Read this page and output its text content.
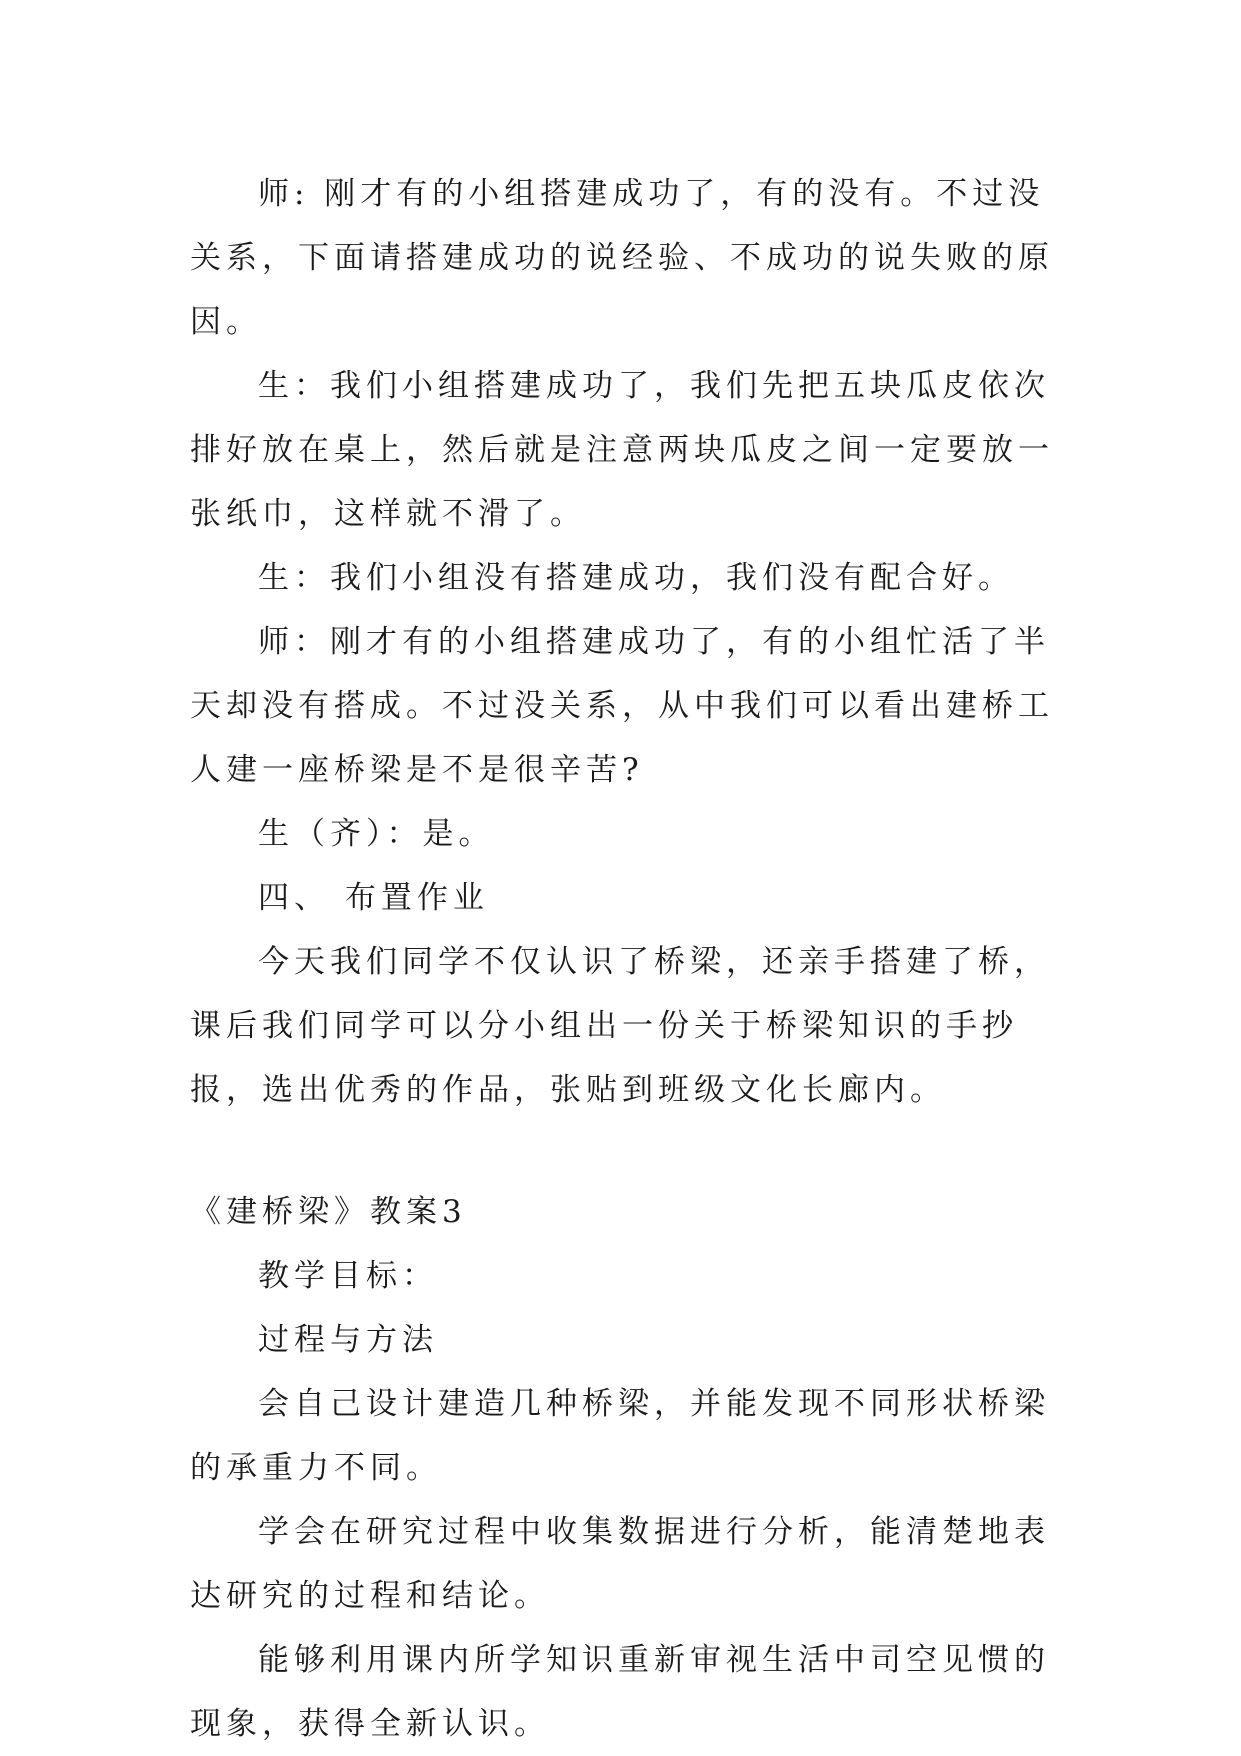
师: 刚才有的小组搭建成功了，有的没有。不过没关系，下面请搭建成功的说经验、不成功的说失败的原因。

生：我们小组搭建成功了，我们先把五块瓜皮依次排好放在桌上，然后就是注意两块瓜皮之间一定要放一张纸巾，这样就不滑了。

生：我们小组没有搭建成功，我们没有配合好。

师：刚才有的小组搭建成功了，有的小组忙活了半天却没有搭成。不过没关系，从中我们可以看出建桥工人建一座桥梁是不是很辛苦?

生（齐）：是。

四、 布置作业

今天我们同学不仅认识了桥梁，还亲手搭建了桥，课后我们同学可以分小组出一份关于桥梁知识的手抄报，选出优秀的作品，张贴到班级文化长廊内。

《建桥梁》教案3

教学目标：

过程与方法

会自己设计建造几种桥梁，并能发现不同形状桥梁的承重力不同。

学会在研究过程中收集数据进行分析，能清楚地表达研究的过程和结论。

能够利用课内所学知识重新审视生活中司空见惯的现象，获得全新认识。
